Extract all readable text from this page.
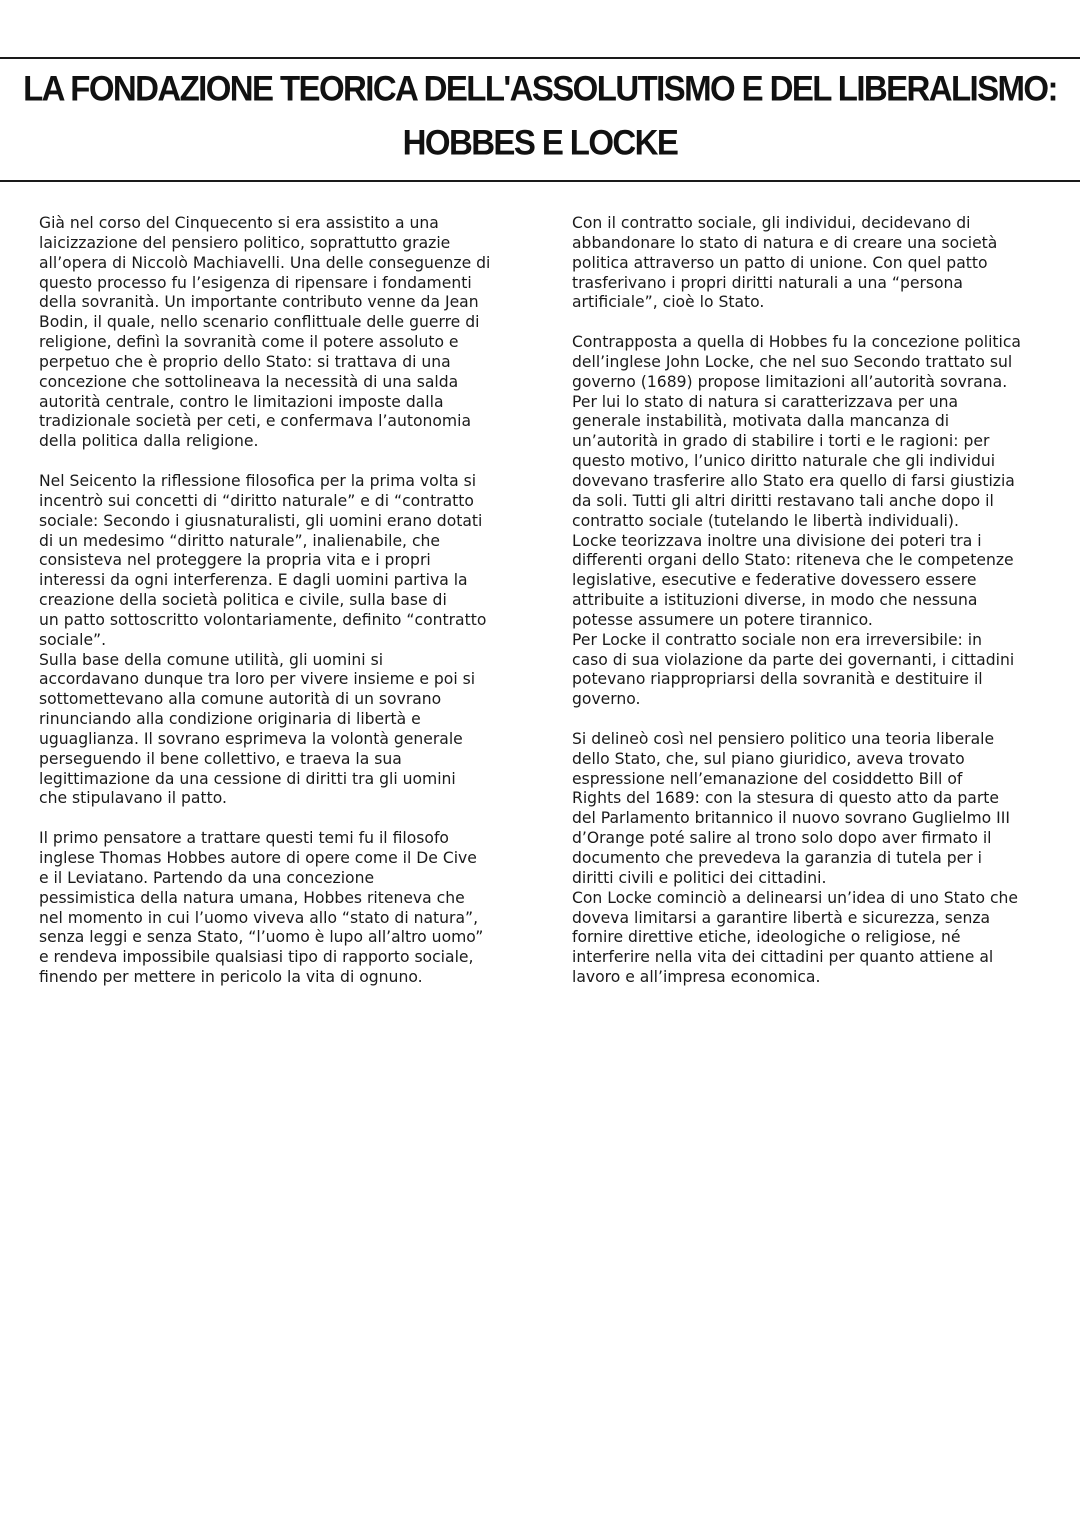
LA FONDAZIONE TEORICA DELL'ASSOLUTISMO E DEL LIBERALISMO:
HOBBES E LOCKE

Già nel corso del Cinquecento si era assistito a una
laicizzazione del pensiero politico, soprattutto grazie
all’opera di Niccolò Machiavelli. Una delle conseguenze di
questo processo fu l’esigenza di ripensare i fondamenti
della sovranità. Un importante contributo venne da Jean
Bodin, il quale, nello scenario conflittuale delle guerre di
religione, definì la sovranità come il potere assoluto e
perpetuo che è proprio dello Stato: si trattava di una
concezione che sottolineava la necessità di una salda
autorità centrale, contro le limitazioni imposte dalla
tradizionale società per ceti, e confermava l’autonomia
della politica dalla religione.

Nel Seicento la riflessione filosofica per la prima volta si
incentrò sui concetti di “diritto naturale” e di “contratto
sociale: Secondo i giusnaturalisti, gli uomini erano dotati
di un medesimo “diritto naturale”, inalienabile, che
consisteva nel proteggere la propria vita e i propri
interessi da ogni interferenza. E dagli uomini partiva la
creazione della società politica e civile, sulla base di
un patto sottoscritto volontariamente, definito “contratto
sociale”.

Sulla base della comune utilità, gli uomini si
accordavano dunque tra loro per vivere insieme e poi si
sottomettevano alla comune autorità di un sovrano
rinunciando alla condizione originaria di libertà e
uguaglianza. Il sovrano esprimeva la volontà generale
perseguendo il bene collettivo, e traeva la sua
legittimazione da una cessione di diritti tra gli uomini
che stipulavano il patto.

Il primo pensatore a trattare questi temi fu il filosofo
inglese Thomas Hobbes autore di opere come il De Cive
e il Leviatano. Partendo da una concezione
pessimistica della natura umana, Hobbes riteneva che
nel momento in cui l’uomo viveva allo “stato di natura”,
senza leggi e senza Stato, “l’uomo è lupo all’altro uomo”
e rendeva impossibile qualsiasi tipo di rapporto sociale,
finendo per mettere in pericolo la vita di ognuno.

Con il contratto sociale, gli individui, decidevano di
abbandonare lo stato di natura e di creare una società
politica attraverso un patto di unione. Con quel patto
trasferivano i propri diritti naturali a una “persona
artificiale”, cioè lo Stato.

Contrapposta a quella di Hobbes fu la concezione politica
dell’inglese John Locke, che nel suo Secondo trattato sul
governo (1689) propose limitazioni all’autorità sovrana.
Per lui lo stato di natura si caratterizzava per una
generale instabilità, motivata dalla mancanza di
un’autorità in grado di stabilire i torti e le ragioni: per
questo motivo, l’unico diritto naturale che gli individui
dovevano trasferire allo Stato era quello di farsi giustizia
da soli. Tutti gli altri diritti restavano tali anche dopo il
contratto sociale (tutelando le libertà individuali).

Locke teorizzava inoltre una divisione dei poteri tra i
differenti organi dello Stato: riteneva che le competenze
legislative, esecutive e federative dovessero essere
attribuite a istituzioni diverse, in modo che nessuna
potesse assumere un potere tirannico.

Per Locke il contratto sociale non era irreversibile: in
caso di sua violazione da parte dei governanti, i cittadini
potevano riappropriarsi della sovranità e destituire il
governo.

Si delineò così nel pensiero politico una teoria liberale
dello Stato, che, sul piano giuridico, aveva trovato
espressione nell’emanazione del cosiddetto Bill of
Rights del 1689: con la stesura di questo atto da parte
del Parlamento britannico il nuovo sovrano Guglielmo III
d’Orange poté salire al trono solo dopo aver firmato il
documento che prevedeva la garanzia di tutela per i
diritti civili e politici dei cittadini.

Con Locke cominciò a delinearsi un’idea di uno Stato che
doveva limitarsi a garantire libertà e sicurezza, senza
fornire direttive etiche, ideologiche o religiose, né
interferire nella vita dei cittadini per quanto attiene al
lavoro e all’impresa economica.
